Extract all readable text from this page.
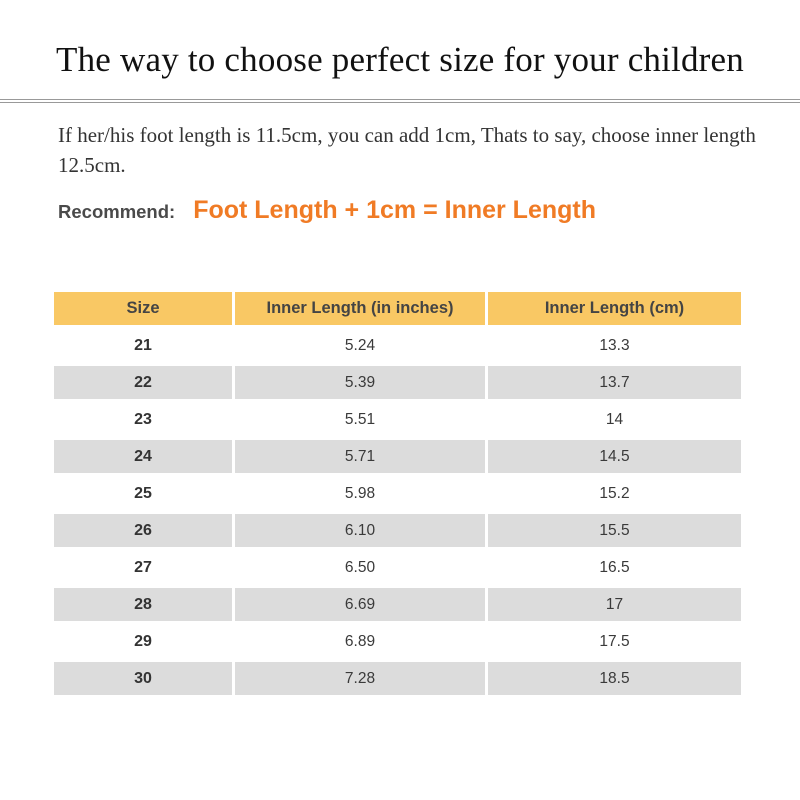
The way to choose perfect size for your children

If her/his foot length is 11.5cm, you can add 1cm, Thats to say, choose inner length 12.5cm.

Recommend: Foot Length + 1cm = Inner Length
Size	Inner Length (in inches)	Inner Length (cm)
21	5.24	13.3
22	5.39	13.7
23	5.51	14
24	5.71	14.5
25	5.98	15.2
26	6.10	15.5
27	6.50	16.5
28	6.69	17
29	6.89	17.5
30	7.28	18.5
